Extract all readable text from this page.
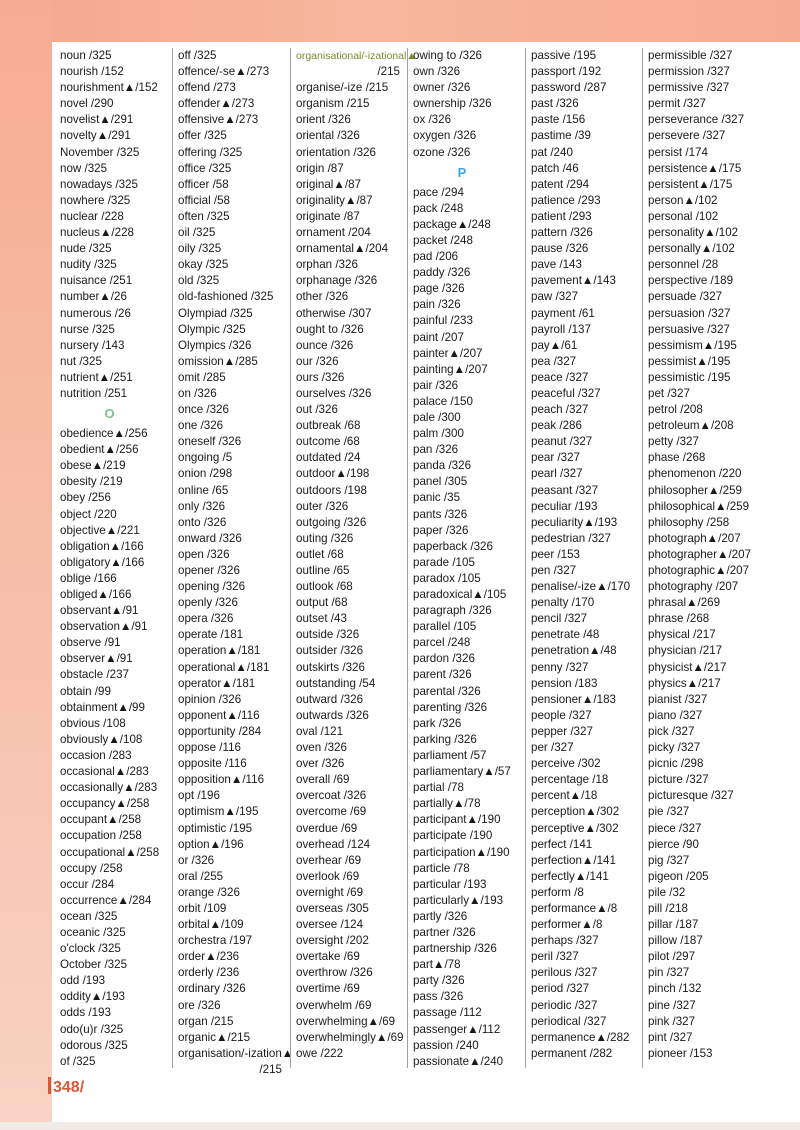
noun /325
nourish /152
nourishment▲/152
novel /290
novelist▲/291
novelty▲/291
November /325
now /325
nowadays /325
nowhere /325
nuclear /228
nucleus▲/228
nude /325
nudity /325
nuisance /251
number▲/26
numerous /26
nurse /325
nursery /143
nut /325
nutrient▲/251
nutrition /251
O
obedience▲/256
obedient▲/256
obese▲/219
obesity /219
obey /256
object /220
objective▲/221
obligation▲/166
obligatory▲/166
oblige /166
obliged▲/166
observant▲/91
observation▲/91
observe /91
observer▲/91
obstacle /237
obtain /99
obtainment▲/99
obvious /108
obviously▲/108
occasion /283
occasional▲/283
occasionally▲/283
occupancy▲/258
occupant▲/258
occupation /258
occupational▲/258
occupy /258
occur /284
occurrence▲/284
ocean /325
oceanic /325
o'clock /325
October /325
odd /193
oddity▲/193
odds /193
odo(u)r /325
odorous /325
of /325
off /325
offence/-se▲/273
offend /273
offender▲/273
offensive▲/273
offer /325
offering /325
office /325
officer /58
official /58
often /325
oil /325
oily /325
okay /325
old /325
old-fashioned /325
Olympiad /325
Olympic /325
Olympics /326
omission▲/285
omit /285
on /326
once /326
one /326
oneself /326
ongoing /5
onion /298
online /65
only /326
onto /326
onward /326
open /326
opener /326
opening /326
openly /326
opera /326
operate /181
operation▲/181
operational▲/181
operator▲/181
opinion /326
opponent▲/116
opportunity /284
oppose /116
opposite /116
opposition▲/116
opt /196
optimism▲/195
optimistic /195
option▲/196
or /326
oral /255
orange /326
orbit /109
orbital▲/109
orchestra /197
order▲/236
orderly /236
ordinary /326
ore /326
organ /215
organic▲/215
organisation/-ization▲
/215
organisational/-izational▲
/215
organise/-ize /215
organism /215
orient /326
oriental /326
orientation /326
origin /87
original▲/87
originality▲/87
originate /87
ornament /204
ornamental▲/204
orphan /326
orphanage /326
other /326
otherwise /307
ought to /326
ounce /326
our /326
ours /326
ourselves /326
out /326
outbreak /68
outcome /68
outdated /24
outdoor▲/198
outdoors /198
outer /326
outgoing /326
outing /326
outlet /68
outline /65
outlook /68
output /68
outset /43
outside /326
outsider /326
outskirts /326
outstanding /54
outward /326
outwards /326
oval /121
oven /326
over /326
overall /69
overcoat /326
overcome /69
overdue /69
overhead /124
overhear /69
overlook /69
overnight /69
overseas /305
oversee /124
oversight /202
overtake /69
overthrow /326
overtime /69
overwhelm /69
overwhelming▲/69
overwhelmingly▲/69
owe /222
owing to /326
own /326
owner /326
ownership /326
ox /326
oxygen /326
ozone /326
P
pace /294
pack /248
package▲/248
packet /248
pad /206
paddy /326
page /326
pain /326
painful /233
paint /207
painter▲/207
painting▲/207
pair /326
palace /150
pale /300
palm /300
pan /326
panda /326
panel /305
panic /35
pants /326
paper /326
paperback /326
parade /105
paradox /105
paradoxical▲/105
paragraph /326
parallel /105
parcel /248
pardon /326
parent /326
parental /326
parenting /326
park /326
parking /326
parliament /57
parliamentary▲/57
partial /78
partially▲/78
participant▲/190
participate /190
participation▲/190
particle /78
particular /193
particularly▲/193
partly /326
partner /326
partnership /326
part▲/78
party /326
pass /326
passage /112
passenger▲/112
passion /240
passionate▲/240
passive /195
passport /192
password /287
past /326
paste /156
pastime /39
pat /240
patch /46
patent /294
patience /293
patient /293
pattern /326
pause /326
pave /143
pavement▲/143
paw /327
payment /61
payroll /137
pay▲/61
pea /327
peace /327
peaceful /327
peach /327
peak /286
peanut /327
pear /327
pearl /327
peasant /327
peculiar /193
peculiarity▲/193
pedestrian /327
peer /153
pen /327
penalise/-ize▲/170
penalty /170
pencil /327
penetrate /48
penetration▲/48
penny /327
pension /183
pensioner▲/183
people /327
pepper /327
per /327
perceive /302
percentage /18
percent▲/18
perception▲/302
perceptive▲/302
perfect /141
perfection▲/141
perfectly▲/141
perform /8
performance▲/8
performer▲/8
perhaps /327
peril /327
perilous /327
period /327
periodic /327
periodical /327
permanence▲/282
permanent /282
permissible /327
permission /327
permissive /327
permit /327
perseverance /327
persevere /327
persist /174
persistence▲/175
persistent▲/175
person▲/102
personal /102
personality▲/102
personally▲/102
personnel /28
perspective /189
persuade /327
persuasion /327
persuasive /327
pessimism▲/195
pessimist▲/195
pessimistic /195
pet /327
petrol /208
petroleum▲/208
petty /327
phase /268
phenomenon /220
philosopher▲/259
philosophical▲/259
philosophy /258
photograph▲/207
photographer▲/207
photographic▲/207
photography /207
phrasal▲/269
phrase /268
physical /217
physician /217
physicist▲/217
physics▲/217
pianist /327
piano /327
pick /327
picky /327
picnic /298
picture /327
picturesque /327
pie /327
piece /327
pierce /90
pig /327
pigeon /205
pile /32
pill /218
pillar /187
pillow /187
pilot /297
pin /327
pinch /132
pine /327
pink /327
pint /327
pioneer /153
348/
